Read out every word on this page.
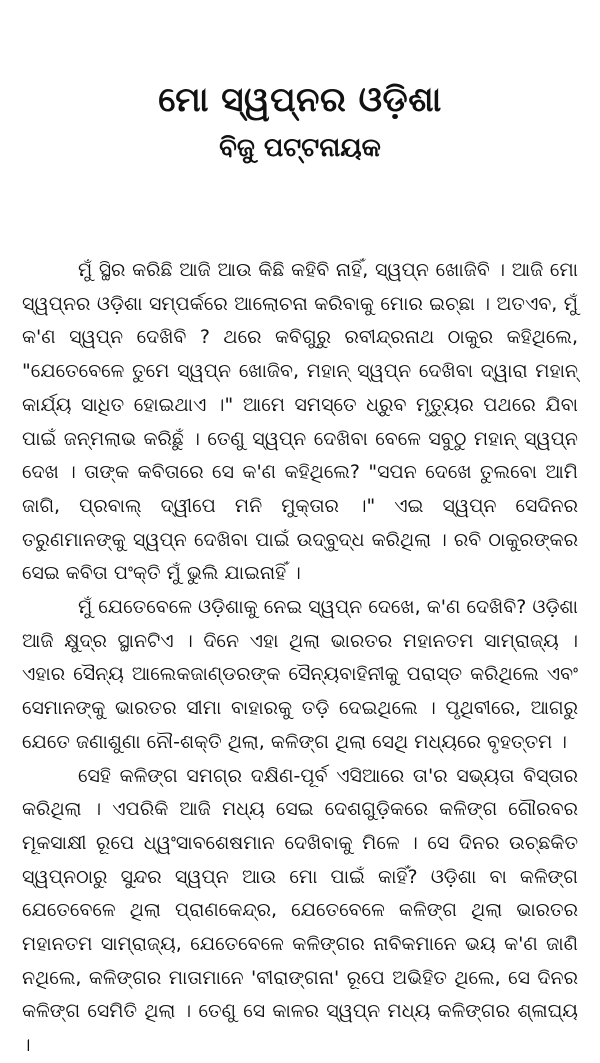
ମୋ ସ୍ୱପ୍ନର ଓଡ଼ିଶା
ବିଜୁ ପଟ୍ଟନାୟକ

ମୁଁ ସ୍ଥିର କରିଛି ଆଜି ଆଉ କିଛି କହିବି ନାହିଁ, ସ୍ୱପ୍ନ ଖୋଜିବି । ଆଜି ମୋ ସ୍ୱପ୍ନର ଓଡ଼ିଶା ସମ୍ପର୍କରେ ଆଲୋଚନା କରିବାକୁ ମୋର ଇଚ୍ଛା । ଅତଏବ, ମୁଁ କ'ଣ ସ୍ୱପ୍ନ ଦେଖିବି ? ଥରେ କବିଗୁରୁ ରବୀନ୍ଦ୍ରନାଥ ଠାକୁର କହିଥିଲେ, "ଯେତେବେଳେ ତୁମେ ସ୍ୱପ୍ନ ଖୋଜିବ, ମହାନ୍ ସ୍ୱପ୍ନ ଦେଖିବା ଦ୍ୱାରା ମହାନ୍ କାର୍ଯ୍ୟ ସାଧିତ ହୋଇଥାଏ ।" ଆମେ ସମସ୍ତେ ଧ୍ରୁବ ମୃତ୍ୟୁର ପଥରେ ଯିବା ପାଇଁ ଜନ୍ମଲାଭ କରିଛୁଁ । ତେଣୁ ସ୍ୱପ୍ନ ଦେଖିବା ବେଳେ ସବୁଠୁ ମହାନ୍ ସ୍ୱପ୍ନ ଦେଖ । ତାଙ୍କ କବିତାରେ ସେ କ'ଣ କହିଥିଲେ? "ସପନ ଦେଖେ ତୁଲବୋ ଆମି ଜାଗି, ପ୍ରବାଲ୍ ଦ୍ୱୀପେ ମନି ମୁକ୍ତାର ।" ଏଇ ସ୍ୱପ୍ନ ସେଦିନର ତରୁଣମାନଙ୍କୁ ସ୍ୱପ୍ନ ଦେଖିବା ପାଇଁ ଉଦ୍‌ବୁଦ୍ଧ କରିଥିଲା । ରବି ଠାକୁରଙ୍କର ସେଇ କବିତା ପଂକ୍ତି ମୁଁ ଭୁଲି ଯାଇନାହିଁ ।

ମୁଁ ଯେତେବେଳେ ଓଡ଼ିଶାକୁ ନେଇ ସ୍ୱପ୍ନ ଦେଖେ, କ'ଣ ଦେଖିବି? ଓଡ଼ିଶା ଆଜି କ୍ଷୁଦ୍ର ସ୍ଥାନଟିଏ । ଦିନେ ଏହା ଥିଲା ଭାରତର ମହାନତମ ସାମ୍ରାଜ୍ୟ । ଏହାର ସୈନ୍ୟ ଆଲେକଜାଣ୍ଡରଙ୍କ ସୈନ୍ୟବାହିନୀକୁ ପରାସ୍ତ କରିଥିଲେ ଏବଂ ସେମାନଙ୍କୁ ଭାରତର ସୀମା ବାହାରକୁ ତଡ଼ି ଦେଇଥିଲେ । ପୃଥିବୀରେ, ଆଗରୁ ଯେତେ ଜଣାଶୁଣା ନୌ-ଶକ୍ତି ଥିଲା, କଳିଙ୍ଗ ଥିଲା ସେଥି ମଧ୍ୟରେ ବୃହତ୍ତମ ।

ସେହି କଳିଙ୍ଗ ସମଗ୍ର ଦକ୍ଷିଣ-ପୂର୍ବ ଏସିଆରେ ତା'ର ସଭ୍ୟତା ବିସ୍ତାର କରିଥିଲା । ଏପରିକି ଆଜି ମଧ୍ୟ ସେଇ ଦେଶଗୁଡ଼ିକରେ କଳିଙ୍ଗ ଗୌରବର ମୂକସାକ୍ଷୀ ରୂପେ ଧ୍ୱଂସାବଶେଷମାନ ଦେଖିବାକୁ ମିଳେ । ସେ ଦିନର ଉଚ୍ଛକିତ ସ୍ୱପ୍ନଠାରୁ ସୁନ୍ଦର ସ୍ୱପ୍ନ ଆଉ ମୋ ପାଇଁ କାହିଁ? ଓଡ଼ିଶା ବା କଳିଙ୍ଗ ଯେତେବେଳେ ଥିଲା ପ୍ରାଣକେନ୍ଦ୍ର, ଯେତେବେଳେ କଳିଙ୍ଗ ଥିଲା ଭାରତର ମହାନତମ ସାମ୍ରାଜ୍ୟ, ଯେତେବେଳେ କଳିଙ୍ଗର ନାବିକମାନେ ଭୟ କ'ଣ ଜାଣି ନଥିଲେ, କଳିଙ୍ଗର ମାତାମାନେ 'ବୀରାଙ୍ଗନା' ରୂପେ ଅଭିହିତ ଥିଲେ, ସେ ଦିନର କଳିଙ୍ଗ ସେମିତି ଥିଲା । ତେଣୁ ସେ କାଳର ସ୍ୱପ୍ନ ମଧ୍ୟ କଳିଙ୍ଗର ଶ୍ଳାଘ୍ୟ ।
